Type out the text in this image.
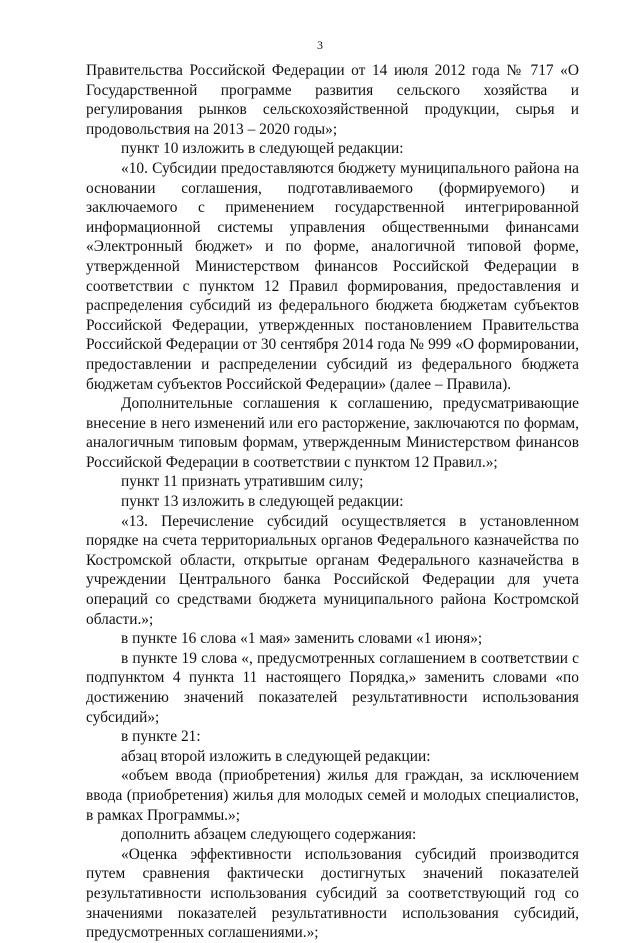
3

Правительства Российской Федерации от 14 июля 2012 года № 717 «О Государственной программе развития сельского хозяйства и регулирования рынков сельскохозяйственной продукции, сырья и продовольствия на 2013 – 2020 годы»;

пункт 10 изложить в следующей редакции:

«10. Субсидии предоставляются бюджету муниципального района на основании соглашения, подготавливаемого (формируемого) и заключаемого с применением государственной интегрированной информационной системы управления общественными финансами «Электронный бюджет» и по форме, аналогичной типовой форме, утвержденной Министерством финансов Российской Федерации в соответствии с пунктом 12 Правил формирования, предоставления и распределения субсидий из федерального бюджета бюджетам субъектов Российской Федерации, утвержденных постановлением Правительства Российской Федерации от 30 сентября 2014 года № 999 «О формировании, предоставлении и распределении субсидий из федерального бюджета бюджетам субъектов Российской Федерации» (далее – Правила).

Дополнительные соглашения к соглашению, предусматривающие внесение в него изменений или его расторжение, заключаются по формам, аналогичным типовым формам, утвержденным Министерством финансов Российской Федерации в соответствии с пунктом 12 Правил.»;

пункт 11 признать утратившим силу;

пункт 13 изложить в следующей редакции:

«13. Перечисление субсидий осуществляется в установленном порядке на счета территориальных органов Федерального казначейства по Костромской области, открытые органам Федерального казначейства в учреждении Центрального банка Российской Федерации для учета операций со средствами бюджета муниципального района Костромской области.»;

в пункте 16 слова «1 мая» заменить словами «1 июня»;

в пункте 19 слова «, предусмотренных соглашением в соответствии с подпунктом 4 пункта 11 настоящего Порядка,» заменить словами «по достижению значений показателей результативности использования субсидий»;

в пункте 21:

абзац второй изложить в следующей редакции:

«объем ввода (приобретения) жилья для граждан, за исключением ввода (приобретения) жилья для молодых семей и молодых специалистов, в рамках Программы.»;

дополнить абзацем следующего содержания:

«Оценка эффективности использования субсидий производится путем сравнения фактически достигнутых значений показателей результативности использования субсидий за соответствующий год со значениями показателей результативности использования субсидий, предусмотренных соглашениями.»;
